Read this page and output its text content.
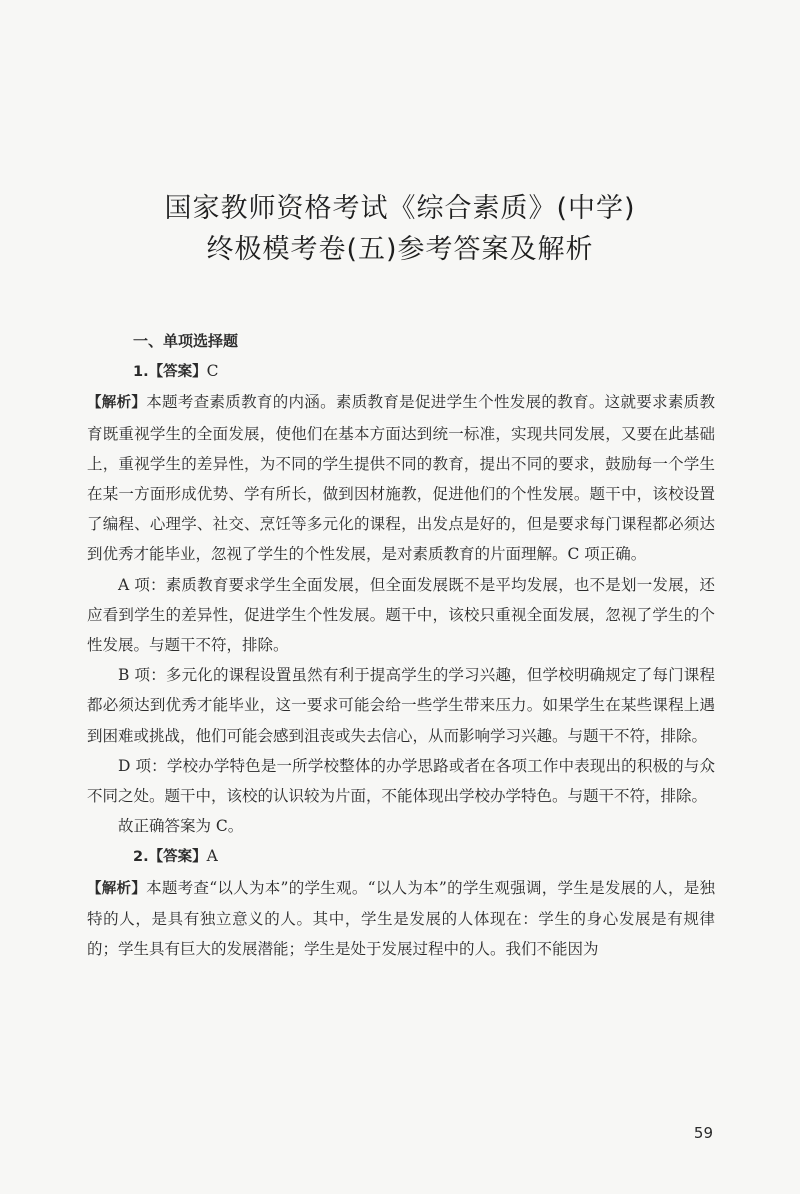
国家教师资格考试《综合素质》(中学)
终极模考卷(五)参考答案及解析

一、单项选择题

1.【答案】C

【解析】本题考查素质教育的内涵。素质教育是促进学生个性发展的教育。这就要求素质教育既重视学生的全面发展，使他们在基本方面达到统一标准，实现共同发展，又要在此基础上，重视学生的差异性，为不同的学生提供不同的教育，提出不同的要求，鼓励每一个学生在某一方面形成优势、学有所长，做到因材施教，促进他们的个性发展。题干中，该校设置了编程、心理学、社交、烹饪等多元化的课程，出发点是好的，但是要求每门课程都必须达到优秀才能毕业，忽视了学生的个性发展，是对素质教育的片面理解。C 项正确。

A 项：素质教育要求学生全面发展，但全面发展既不是平均发展，也不是划一发展，还应看到学生的差异性，促进学生个性发展。题干中，该校只重视全面发展，忽视了学生的个性发展。与题干不符，排除。

B 项：多元化的课程设置虽然有利于提高学生的学习兴趣，但学校明确规定了每门课程都必须达到优秀才能毕业，这一要求可能会给一些学生带来压力。如果学生在某些课程上遇到困难或挑战，他们可能会感到沮丧或失去信心，从而影响学习兴趣。与题干不符，排除。

D 项：学校办学特色是一所学校整体的办学思路或者在各项工作中表现出的积极的与众不同之处。题干中，该校的认识较为片面，不能体现出学校办学特色。与题干不符，排除。

故正确答案为 C。

2.【答案】A

【解析】本题考查“以人为本”的学生观。“以人为本”的学生观强调，学生是发展的人，是独特的人，是具有独立意义的人。其中，学生是发展的人体现在：学生的身心发展是有规律的；学生具有巨大的发展潜能；学生是处于发展过程中的人。我们不能因为

59
